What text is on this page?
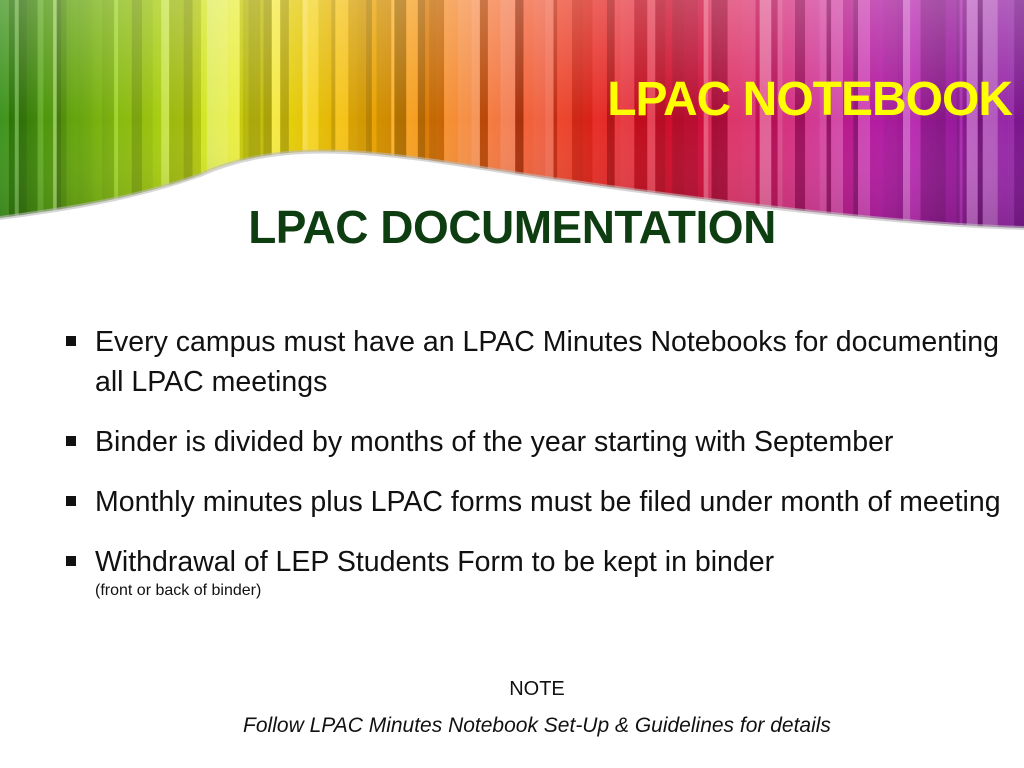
LPAC NOTEBOOK
LPAC DOCUMENTATION
Every campus must have an LPAC Minutes Notebooks for documenting all LPAC meetings
Binder is divided by months of the year starting with September
Monthly minutes plus LPAC forms must be filed under month of meeting
Withdrawal of LEP Students Form to be kept in binder
(front or back of binder)
NOTE
Follow LPAC Minutes Notebook Set-Up & Guidelines for details
